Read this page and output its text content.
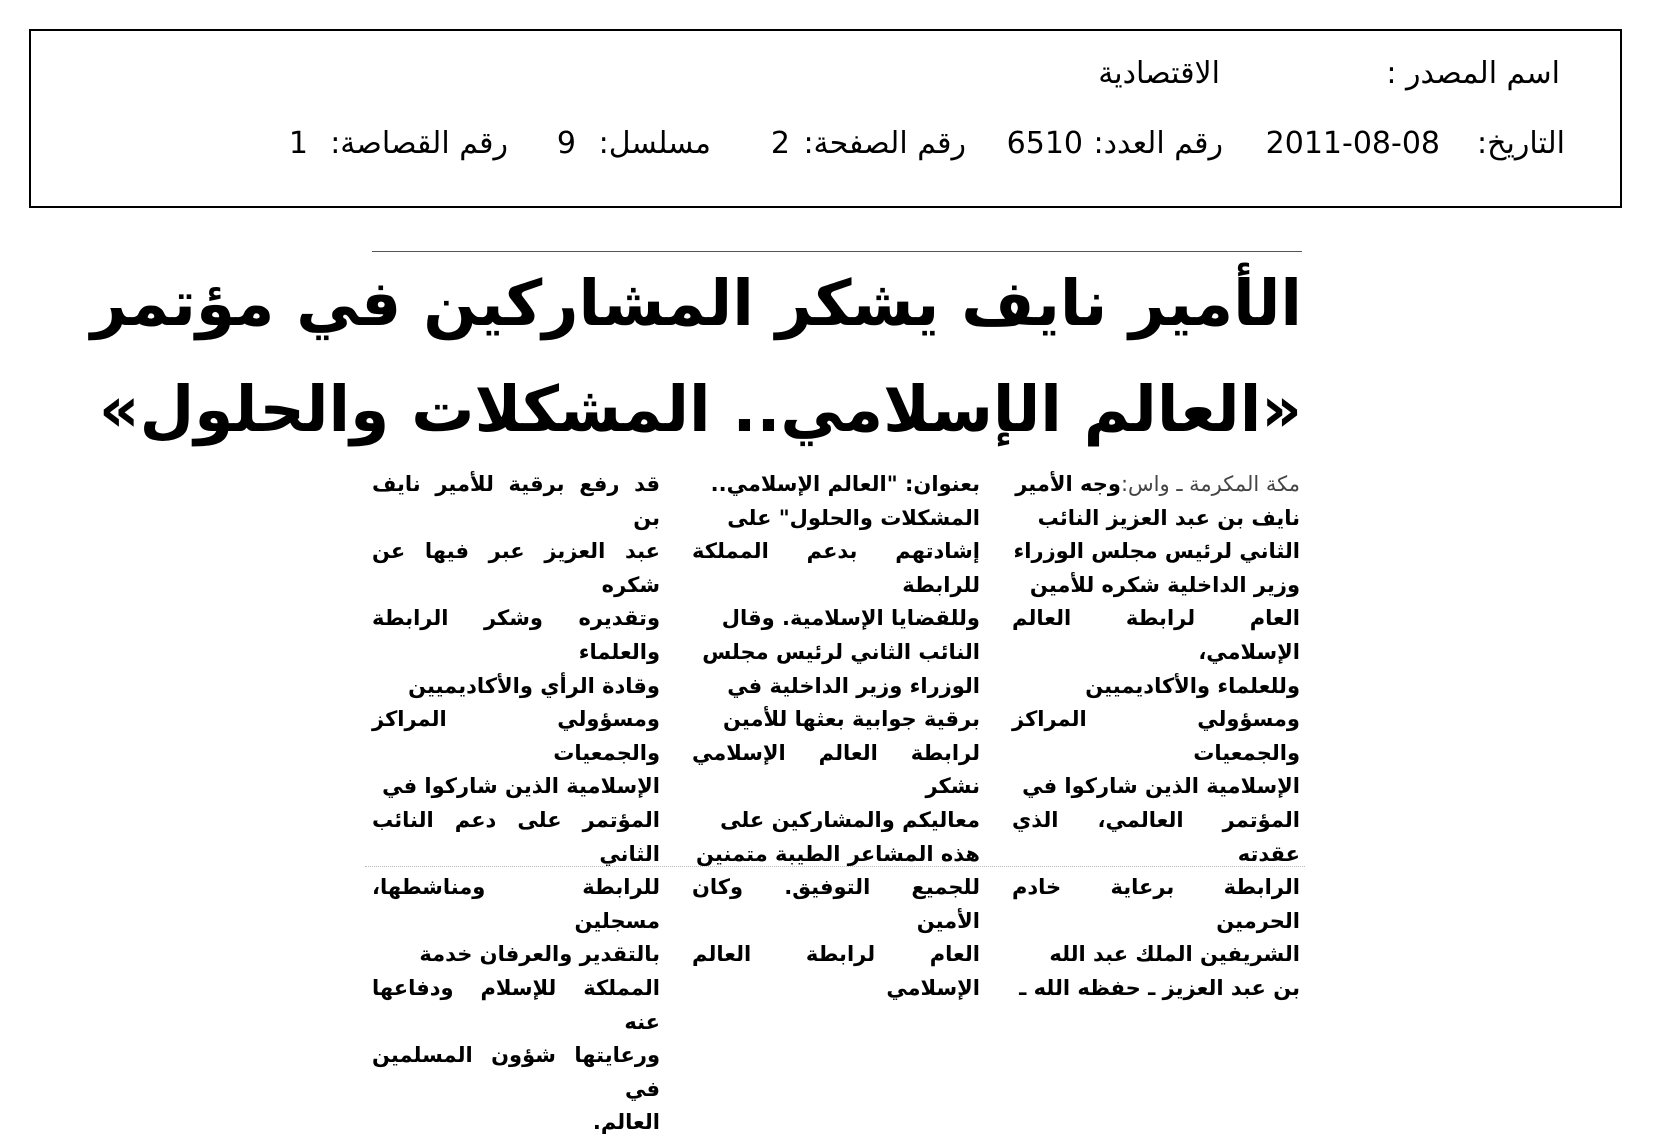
اسم المصدر :
الاقتصادية
التاريخ:
2011-08-08
رقم العدد:
6510
رقم الصفحة:
2
مسلسل:
9
رقم القصاصة:
1
الأمير نايف يشكر المشاركين في مؤتمر
«العالم الإسلامي.. المشكلات والحلول»
مكة المكرمة ـ واس:وجه الأمير
نايف بن عبد العزيز النائب
الثاني لرئيس مجلس الوزراء
وزير الداخلية شكره للأمين
العام لرابطة العالم الإسلامي،
وللعلماء والأكاديميين
ومسؤولي المراكز والجمعيات
الإسلامية الذين شاركوا في
المؤتمر العالمي، الذي عقدته
الرابطة برعاية خادم الحرمين
الشريفين الملك عبد الله
بن عبد العزيز ـ حفظه الله ـ
بعنوان: "العالم الإسلامي..
المشكلات والحلول" على
إشادتهم بدعم المملكة للرابطة
وللقضايا الإسلامية. وقال
النائب الثاني لرئيس مجلس
الوزراء وزير الداخلية في
برقية جوابية بعثها للأمين
لرابطة العالم الإسلامي نشكر
معاليكم والمشاركين على
هذه المشاعر الطيبة متمنين
للجميع التوفيق. وكان الأمين
العام لرابطة العالم الإسلامي
قد رفع برقية للأمير نايف بن
عبد العزيز عبر فيها عن شكره
وتقديره وشكر الرابطة والعلماء
وقادة الرأي والأكاديميين
ومسؤولي المراكز والجمعيات
الإسلامية الذين شاركوا في
المؤتمر على دعم النائب الثاني
للرابطة ومناشطها، مسجلين
بالتقدير والعرفان خدمة
المملكة للإسلام ودفاعها عنه
ورعايتها شؤون المسلمين في
العالم.
